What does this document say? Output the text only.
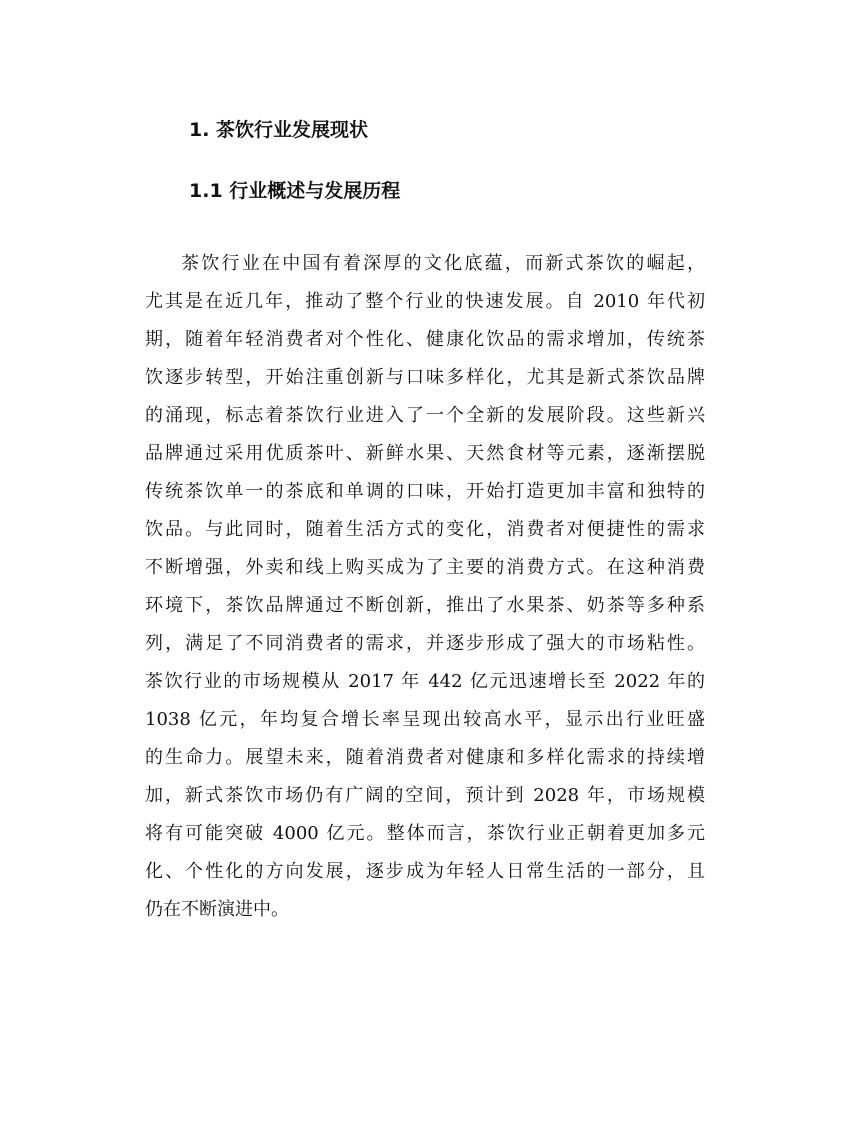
1. 茶饮行业发展现状
1.1 行业概述与发展历程
茶饮行业在中国有着深厚的文化底蕴，而新式茶饮的崛起，
尤其是在近几年，推动了整个行业的快速发展。自 2010 年代初
期，随着年轻消费者对个性化、健康化饮品的需求增加，传统茶
饮逐步转型，开始注重创新与口味多样化，尤其是新式茶饮品牌
的涌现，标志着茶饮行业进入了一个全新的发展阶段。这些新兴
品牌通过采用优质茶叶、新鲜水果、天然食材等元素，逐渐摆脱
传统茶饮单一的茶底和单调的口味，开始打造更加丰富和独特的
饮品。与此同时，随着生活方式的变化，消费者对便捷性的需求
不断增强，外卖和线上购买成为了主要的消费方式。在这种消费
环境下，茶饮品牌通过不断创新，推出了水果茶、奶茶等多种系
列，满足了不同消费者的需求，并逐步形成了强大的市场粘性。
茶饮行业的市场规模从 2017 年 442 亿元迅速增长至 2022 年的
1038 亿元，年均复合增长率呈现出较高水平，显示出行业旺盛
的生命力。展望未来，随着消费者对健康和多样化需求的持续增
加，新式茶饮市场仍有广阔的空间，预计到 2028 年，市场规模
将有可能突破 4000 亿元。整体而言，茶饮行业正朝着更加多元
化、个性化的方向发展，逐步成为年轻人日常生活的一部分，且
仍在不断演进中。
